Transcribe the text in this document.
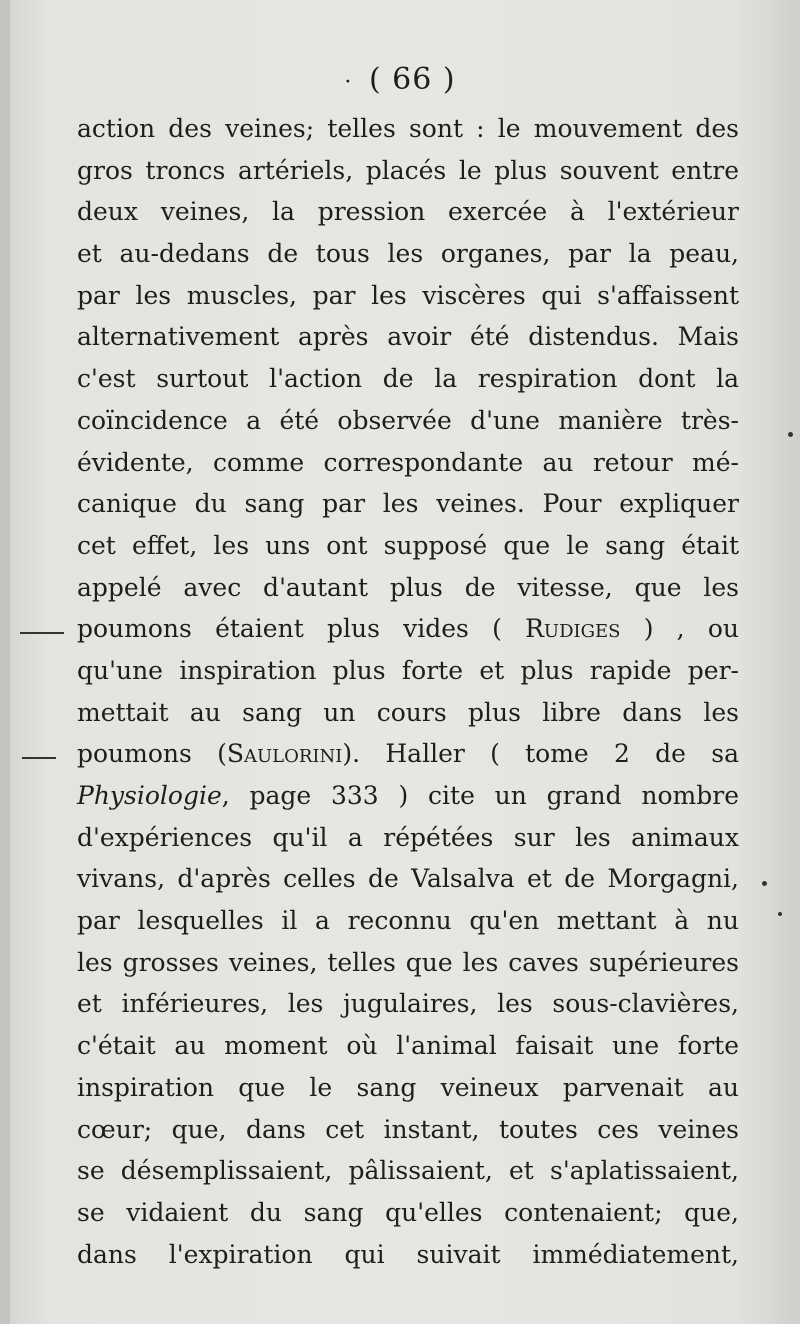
· ( 66 )
action des veines; telles sont : le mouvement des
gros troncs artériels, placés le plus souvent entre
deux veines, la pression exercée à l'extérieur
et au-dedans de tous les organes, par la peau,
par les muscles, par les viscères qui s'affaissent
alternativement après avoir été distendus. Mais
c'est surtout l'action de la respiration dont la
coïncidence a été observée d'une manière très-
évidente, comme correspondante au retour mé-
canique du sang par les veines. Pour expliquer
cet effet, les uns ont supposé que le sang était
appelé avec d'autant plus de vitesse, que les
poumons étaient plus vides ( Rudiges ) , ou
qu'une inspiration plus forte et plus rapide per-
mettait au sang un cours plus libre dans les
poumons (Saulorini). Haller ( tome 2 de sa
Physiologie, page 333 ) cite un grand nombre
d'expériences qu'il a répétées sur les animaux
vivans, d'après celles de Valsalva et de Morgagni,
par lesquelles il a reconnu qu'en mettant à nu
les grosses veines, telles que les caves supérieures
et inférieures, les jugulaires, les sous-clavières,
c'était au moment où l'animal faisait une forte
inspiration que le sang veineux parvenait au
cœur; que, dans cet instant, toutes ces veines
se désemplissaient, pâlissaient, et s'aplatissaient,
se vidaient du sang qu'elles contenaient; que,
dans l'expiration qui suivait immédiatement,
